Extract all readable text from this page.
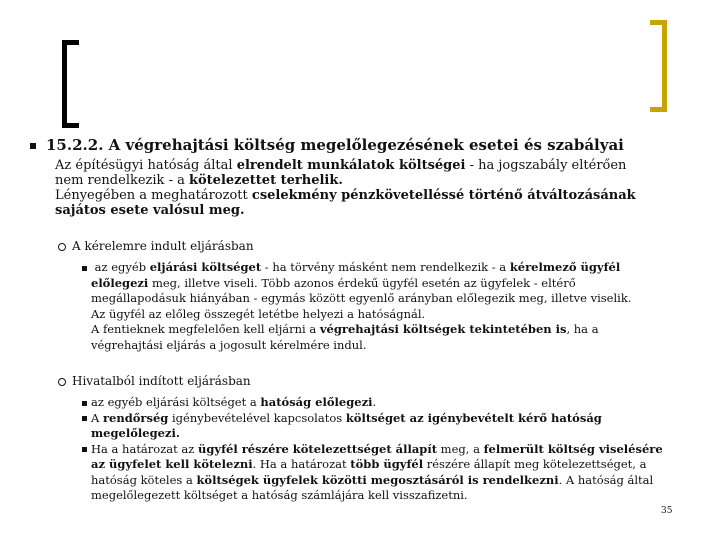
15.2.2. A végrehajtási költség megelőlegezésének esetei és szabályai

Az építésügyi hatóság által elrendelt munkálatok költségei - ha jogszabály eltérően

nem rendelkezik - a kötelezettet terhelik.

Lényegében a meghatározott cselekmény pénzkövetelléssé történő átváltozásának

sajátos esete valósul meg.

A kérelemre indult eljárásban
az egyéb eljárási költséget - ha törvény másként nem rendelkezik - a kérelmező ügyfél
előlegezi meg, illetve viseli. Több azonos érdekű ügyfél esetén az ügyfelek - eltérő
megállapodásuk hiányában - egymás között egyenlő arányban előlegezik meg, illetve viselik.
Az ügyfél az előleg összegét letétbe helyezi a hatóságnál.
A fentieknek megfelelően kell eljárni a végrehajtási költségek tekintetében is, ha a
végrehajtási eljárás a jogosult kérelmére indul.
Hivatalból indított eljárásban
az egyéb eljárási költséget a hatóság előlegezi.
A rendőrség igénybevételével kapcsolatos költséget az igénybevételt kérő hatóság
megelőlegezi.
Ha a határozat az ügyfél részére kötelezettséget állapít meg, a felmerült költség viselésére
az ügyfelet kell kötelezni. Ha a határozat több ügyfél részére állapít meg kötelezettséget, a
hatóság köteles a költségek ügyfelek közötti megosztásáról is rendelkezni. A hatóság által
megelőlegezett költséget a hatóság számlájára kell visszafizetni.
35
